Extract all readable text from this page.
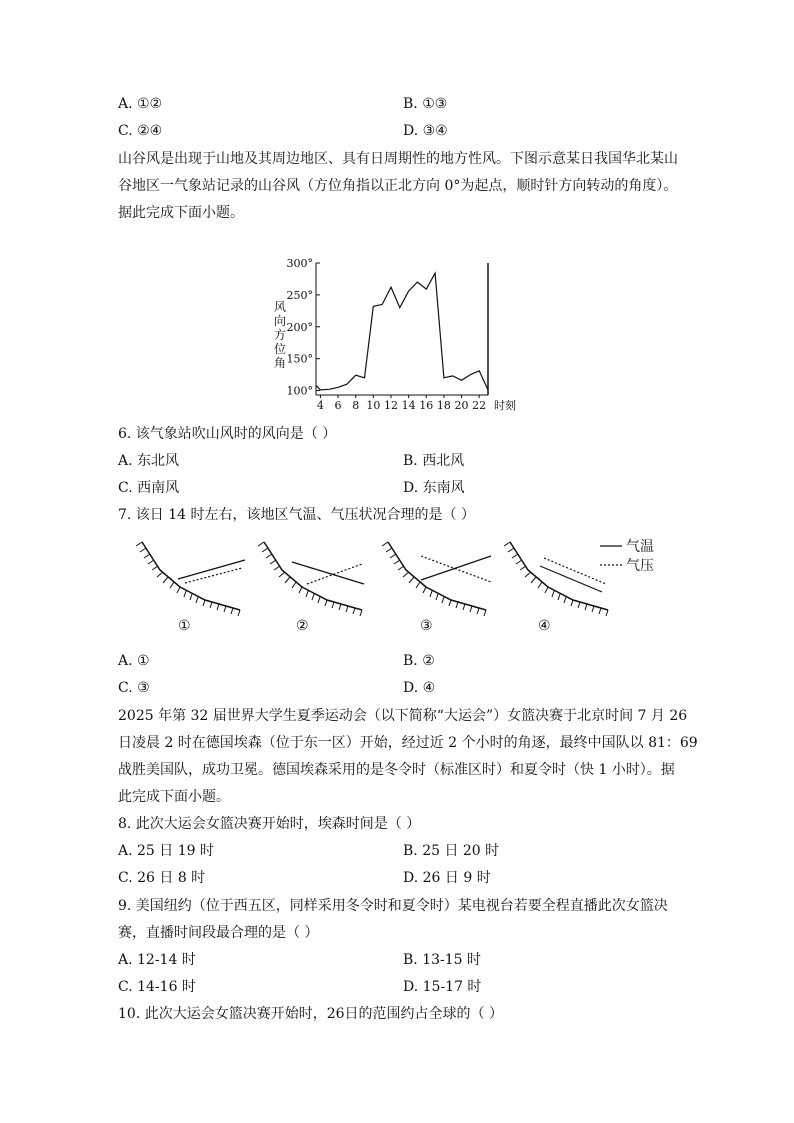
A. ①②	B. ①③
C. ②④	D. ③④
山谷风是出现于山地及其周边地区、具有日周期性的地方性风。下图示意某日我国华北某山
谷地区一气象站记录的山谷风（方位角指以正北方向 0°为起点，顺时针方向转动的角度）。
据此完成下面小题。
100°
150°
200°
250°
300°
4 6 8 10 12 14 16 18 20 22 时刻
风
向
方
位
角
6. 该气象站吹山风时的风向是（ ）
A. 东北风	B. 西北风
C. 西南风	D. 东南风
7. 该日 14 时左右，该地区气温、气压状况合理的是（ ）
①	②	③	④
气温
气压
A. ①	B. ②
C. ③	D. ④
2025 年第 32 届世界大学生夏季运动会（以下简称“大运会”）女篮决赛于北京时间 7 月 26
日凌晨 2 时在德国埃森（位于东一区）开始，经过近 2 个小时的角逐，最终中国队以 81：69
战胜美国队，成功卫冕。德国埃森采用的是冬令时（标准区时）和夏令时（快 1 小时）。据
此完成下面小题。
8. 此次大运会女篮决赛开始时，埃森时间是（ ）
A. 25 日 19 时	B. 25 日 20 时
C. 26 日 8 时	D. 26 日 9 时
9. 美国纽约（位于西五区，同样采用冬令时和夏令时）某电视台若要全程直播此次女篮决
赛，直播时间段最合理的是（ ）
A. 12-14 时	B. 13-15 时
C. 14-16 时	D. 15-17 时
10. 此次大运会女篮决赛开始时，26日的范围约占全球的（ ）
